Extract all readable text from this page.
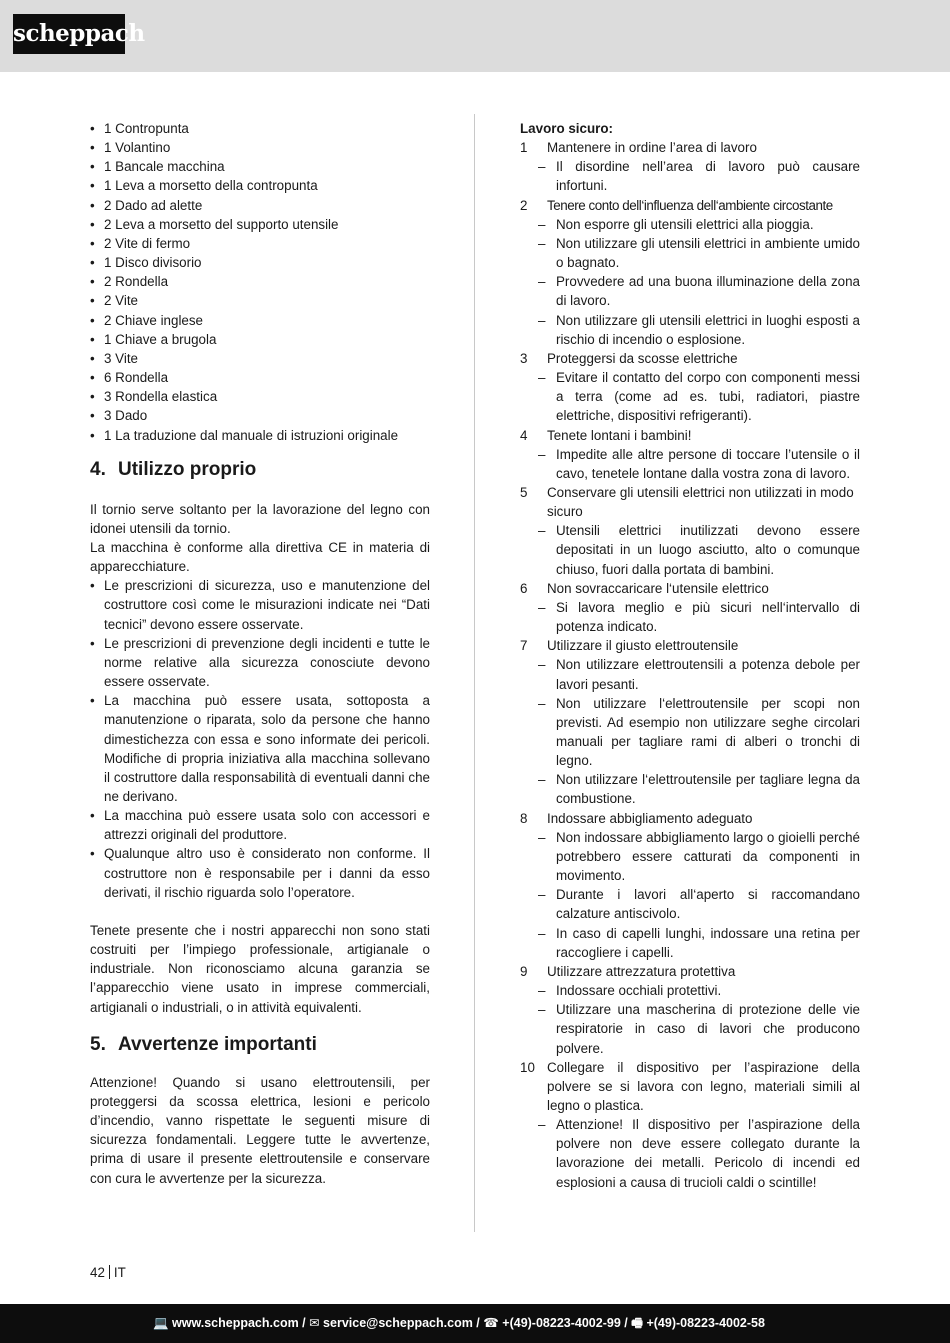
scheppach
• 1 Contropunta
• 1 Volantino
• 1 Bancale macchina
• 1 Leva a morsetto della contropunta
• 2 Dado ad alette
• 2 Leva a morsetto del supporto utensile
• 2 Vite di fermo
• 1 Disco divisorio
• 2 Rondella
• 2 Vite
• 2 Chiave inglese
• 1 Chiave a brugola
• 3 Vite
• 6 Rondella
• 3 Rondella elastica
• 3 Dado
• 1 La traduzione dal manuale di istruzioni originale
4. Utilizzo proprio
Il tornio serve soltanto per la lavorazione del legno con idonei utensili da tornio.
La macchina è conforme alla direttiva CE in materia di apparecchiature.
• Le prescrizioni di sicurezza, uso e manutenzione del costruttore così come le misurazioni indicate nei “Dati tecnici” devono essere osservate.
• Le prescrizioni di prevenzione degli incidenti e tutte le norme relative alla sicurezza conosciute devono essere osservate.
• La macchina può essere usata, sottoposta a manutenzione o riparata, solo da persone che hanno dimestichezza con essa e sono informate dei pericoli. Modifiche di propria iniziativa alla macchina sollevano il costruttore dalla responsabilità di eventuali danni che ne derivano.
• La macchina può essere usata solo con accessori e attrezzi originali del produttore.
• Qualunque altro uso è considerato non conforme. Il costruttore non è responsabile per i danni da esso derivati, il rischio riguarda solo l’operatore.
Tenete presente che i nostri apparecchi non sono stati costruiti per l’impiego professionale, artigianale o industriale. Non riconosciamo alcuna garanzia se l’apparecchio viene usato in imprese commerciali, artigianali o industriali, o in attività equivalenti.
5. Avvertenze importanti
Attenzione! Quando si usano elettroutensili, per proteggersi da scossa elettrica, lesioni e pericolo d’incendio, vanno rispettate le seguenti misure di sicurezza fondamentali. Leggere tutte le avvertenze, prima di usare il presente elettroutensile e conservare con cura le avvertenze per la sicurezza.
Lavoro sicuro:
1	Mantenere in ordine l’area di lavoro
– Il disordine nell’area di lavoro può causare infortuni.
2	Tenere conto dell‘influenza dell‘ambiente circostante
– Non esporre gli utensili elettrici alla pioggia.
– Non utilizzare gli utensili elettrici in ambiente umido o bagnato.
– Provvedere ad una buona illuminazione della zona di lavoro.
– Non utilizzare gli utensili elettrici in luoghi esposti a rischio di incendio o esplosione.
3	Proteggersi da scosse elettriche
– Evitare il contatto del corpo con componenti messi a terra (come ad es. tubi, radiatori, piastre elettriche, dispositivi refrigeranti).
4	Tenete lontani i bambini!
– Impedite alle altre persone di toccare l’utensile o il cavo, tenetele lontane dalla vostra zona di lavoro.
5	Conservare gli utensili elettrici non utilizzati in modo sicuro
– Utensili elettrici inutilizzati devono essere depositati in un luogo asciutto, alto o comunque chiuso, fuori dalla portata di bambini.
6	Non sovraccaricare l‘utensile elettrico
– Si lavora meglio e più sicuri nell‘intervallo di potenza indicato.
7	Utilizzare il giusto elettroutensile
– Non utilizzare elettroutensili a potenza debole per lavori pesanti.
– Non utilizzare l‘elettroutensile per scopi non previsti. Ad esempio non utilizzare seghe circolari manuali per tagliare rami di alberi o tronchi di legno.
– Non utilizzare l‘elettroutensile per tagliare legna da combustione.
8	Indossare abbigliamento adeguato
– Non indossare abbigliamento largo o gioielli perché potrebbero essere catturati da componenti in movimento.
– Durante i lavori all‘aperto si raccomandano calzature antiscivolo.
– In caso di capelli lunghi, indossare una retina per raccogliere i capelli.
9	Utilizzare attrezzatura protettiva
– Indossare occhiali protettivi.
– Utilizzare una mascherina di protezione delle vie respiratorie in caso di lavori che producono polvere.
10 Collegare il dispositivo per l’aspirazione della polvere se si lavora con legno, materiali simili al legno o plastica.
– Attenzione! Il dispositivo per l’aspirazione della polvere non deve essere collegato durante la lavorazione dei metalli. Pericolo di incendi ed esplosioni a causa di trucioli caldi o scintille!
42 IT
💻 www.scheppach.com / ✉ service@scheppach.com / ☎ +(49)-08223-4002-99 / 🖷 +(49)-08223-4002-58
